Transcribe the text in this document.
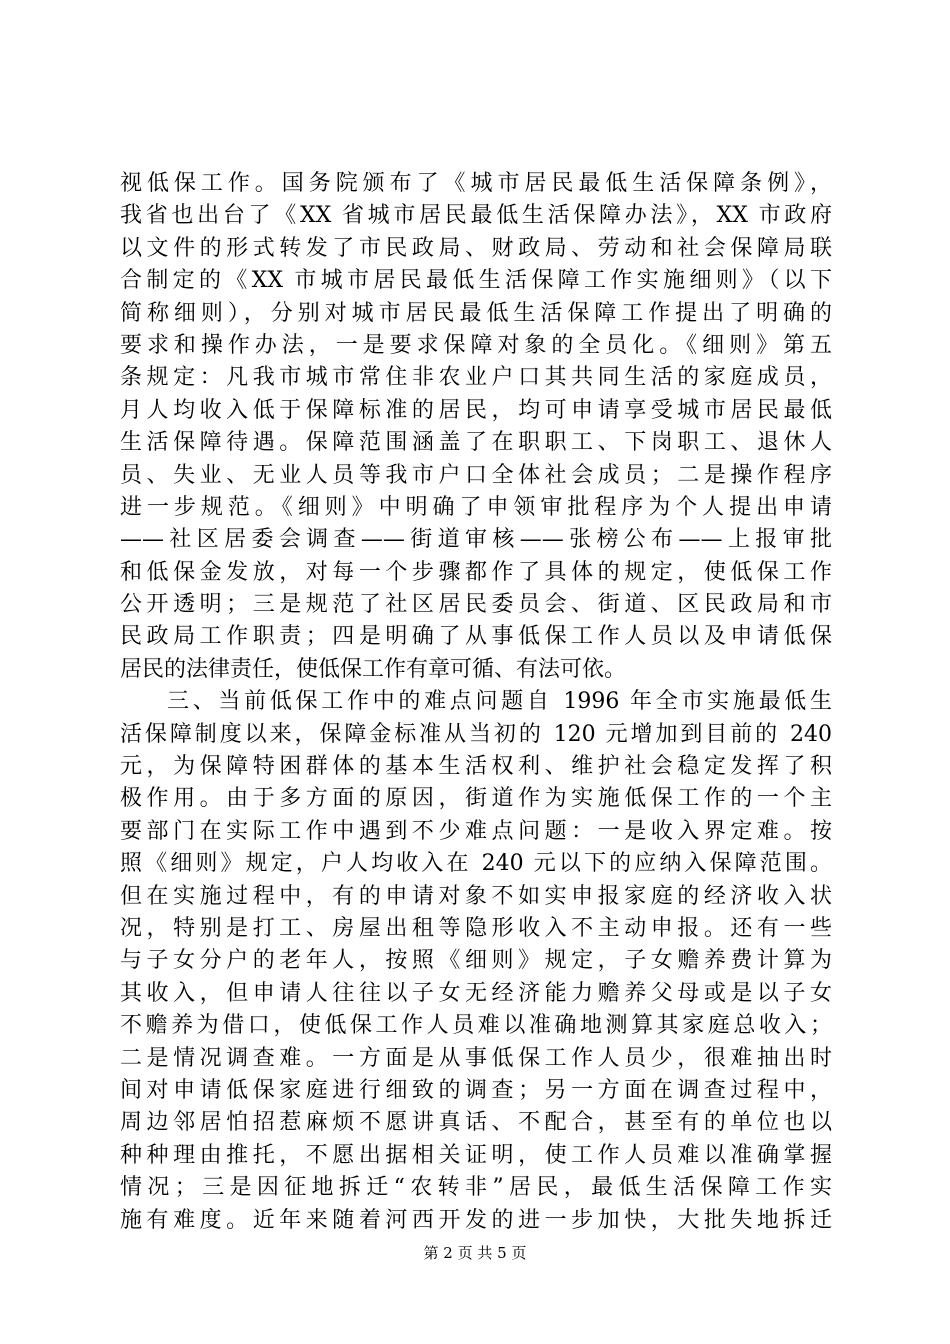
视低保工作。国务院颁布了《城市居民最低生活保障条例》，
我省也出台了《XX 省城市居民最低生活保障办法》，XX 市政府
以文件的形式转发了市民政局、财政局、劳动和社会保障局联
合制定的《XX 市城市居民最低生活保障工作实施细则》（以下
简称细则），分别对城市居民最低生活保障工作提出了明确的
要求和操作办法，一是要求保障对象的全员化。《细则》第五
条规定：凡我市城市常住非农业户口其共同生活的家庭成员，
月人均收入低于保障标准的居民，均可申请享受城市居民最低
生活保障待遇。保障范围涵盖了在职职工、下岗职工、退休人
员、失业、无业人员等我市户口全体社会成员；二是操作程序
进一步规范。《细则》中明确了申领审批程序为个人提出申请
——社区居委会调查——街道审核——张榜公布——上报审批
和低保金发放，对每一个步骤都作了具体的规定，使低保工作
公开透明；三是规范了社区居民委员会、街道、区民政局和市
民政局工作职责；四是明确了从事低保工作人员以及申请低保
居民的法律责任，使低保工作有章可循、有法可依。
三、当前低保工作中的难点问题自 1996 年全市实施最低生
活保障制度以来，保障金标准从当初的 120 元增加到目前的 240
元，为保障特困群体的基本生活权利、维护社会稳定发挥了积
极作用。由于多方面的原因，街道作为实施低保工作的一个主
要部门在实际工作中遇到不少难点问题：一是收入界定难。按
照《细则》规定，户人均收入在 240 元以下的应纳入保障范围。
但在实施过程中，有的申请对象不如实申报家庭的经济收入状
况，特别是打工、房屋出租等隐形收入不主动申报。还有一些
与子女分户的老年人，按照《细则》规定，子女赡养费计算为
其收入，但申请人往往以子女无经济能力赡养父母或是以子女
不赡养为借口，使低保工作人员难以准确地测算其家庭总收入；
二是情况调查难。一方面是从事低保工作人员少，很难抽出时
间对申请低保家庭进行细致的调查；另一方面在调查过程中，
周边邻居怕招惹麻烦不愿讲真话、不配合，甚至有的单位也以
种种理由推托，不愿出据相关证明，使工作人员难以准确掌握
情况；三是因征地拆迁“农转非”居民，最低生活保障工作实
施有难度。近年来随着河西开发的进一步加快，大批失地拆迁
第 2 页 共 5 页
